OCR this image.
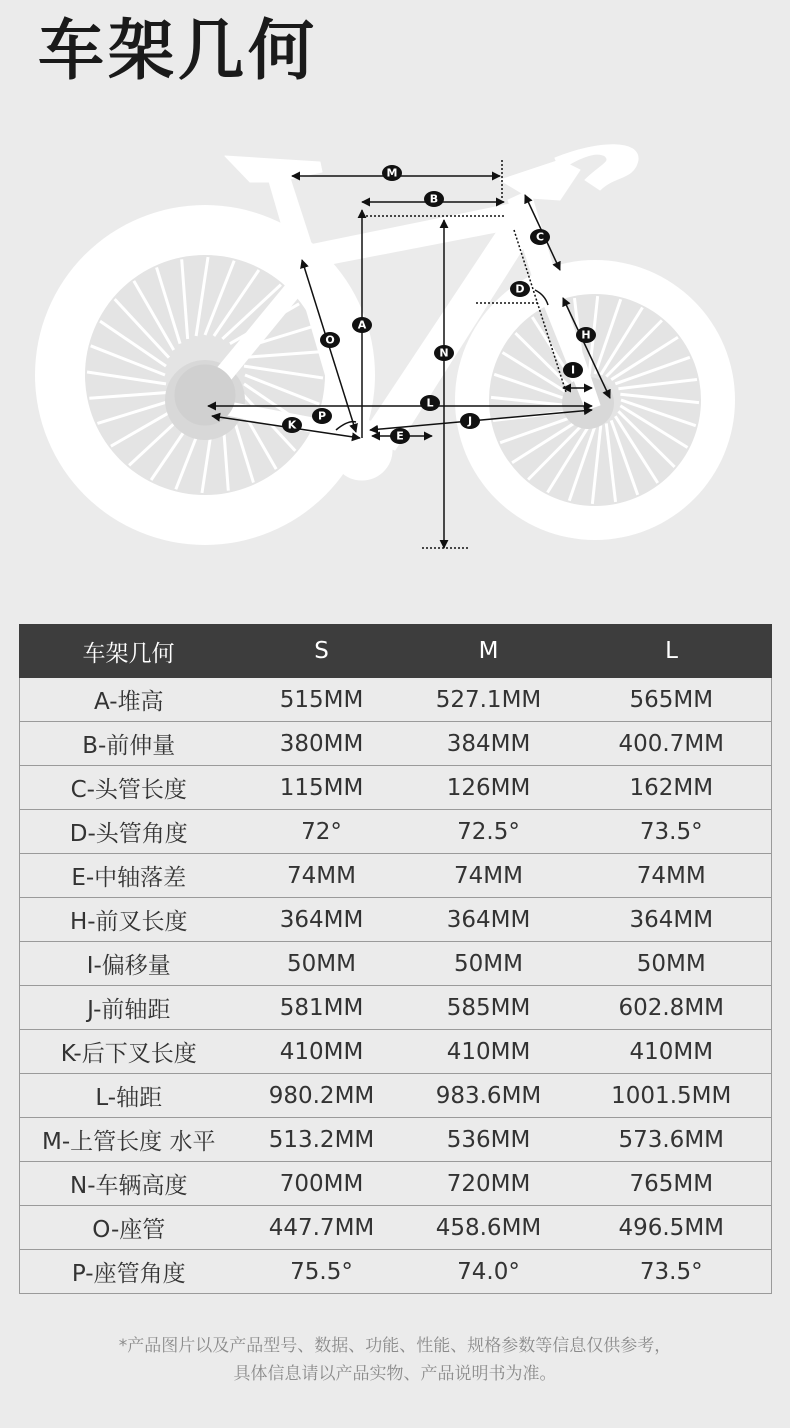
车架几何
M
B
C
D
A
O
N
H
I
L
P
K	J
E
车架几何	S	M	L
A-堆高	515MM	527.1MM	565MM
B-前伸量	380MM	384MM	400.7MM
C-头管长度	115MM	126MM	162MM
D-头管角度	72°	72.5°	73.5°
E-中轴落差	74MM	74MM	74MM
H-前叉长度	364MM	364MM	364MM
I-偏移量	50MM	50MM	50MM
J-前轴距	581MM	585MM	602.8MM
K-后下叉长度	410MM	410MM	410MM
L-轴距	980.2MM	983.6MM	1001.5MM
M-上管长度 水平	513.2MM	536MM	573.6MM
N-车辆高度	700MM	720MM	765MM
O-座管	447.7MM	458.6MM	496.5MM
P-座管角度	75.5°	74.0°	73.5°
*产品图片以及产品型号、数据、功能、性能、规格参数等信息仅供参考，
具体信息请以产品实物、产品说明书为准。
